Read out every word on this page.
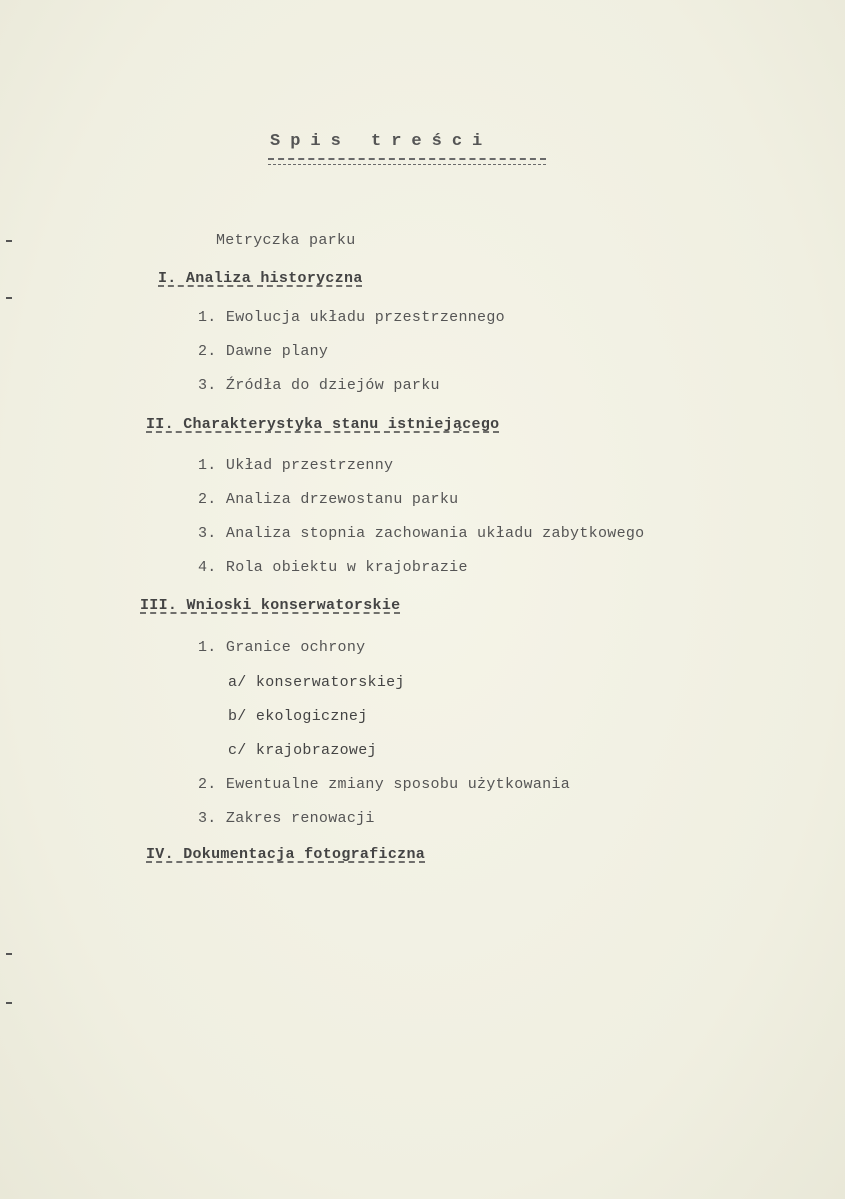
Spis treści
Metryczka parku
I. Analiza historyczna
1. Ewolucja układu przestrzennego
2. Dawne plany
3. Źródła do dziejów parku
II. Charakterystyka stanu istniejącego
1. Układ przestrzenny
2. Analiza drzewostanu parku
3. Analiza stopnia zachowania układu zabytkowego
4. Rola obiektu w krajobrazie
III. Wnioski konserwatorskie
1. Granice ochrony
a/ konserwatorskiej
b/ ekologicznej
c/ krajobrazowej
2. Ewentualne zmiany sposobu użytkowania
3. Zakres renowacji
IV. Dokumentacja fotograficzna
